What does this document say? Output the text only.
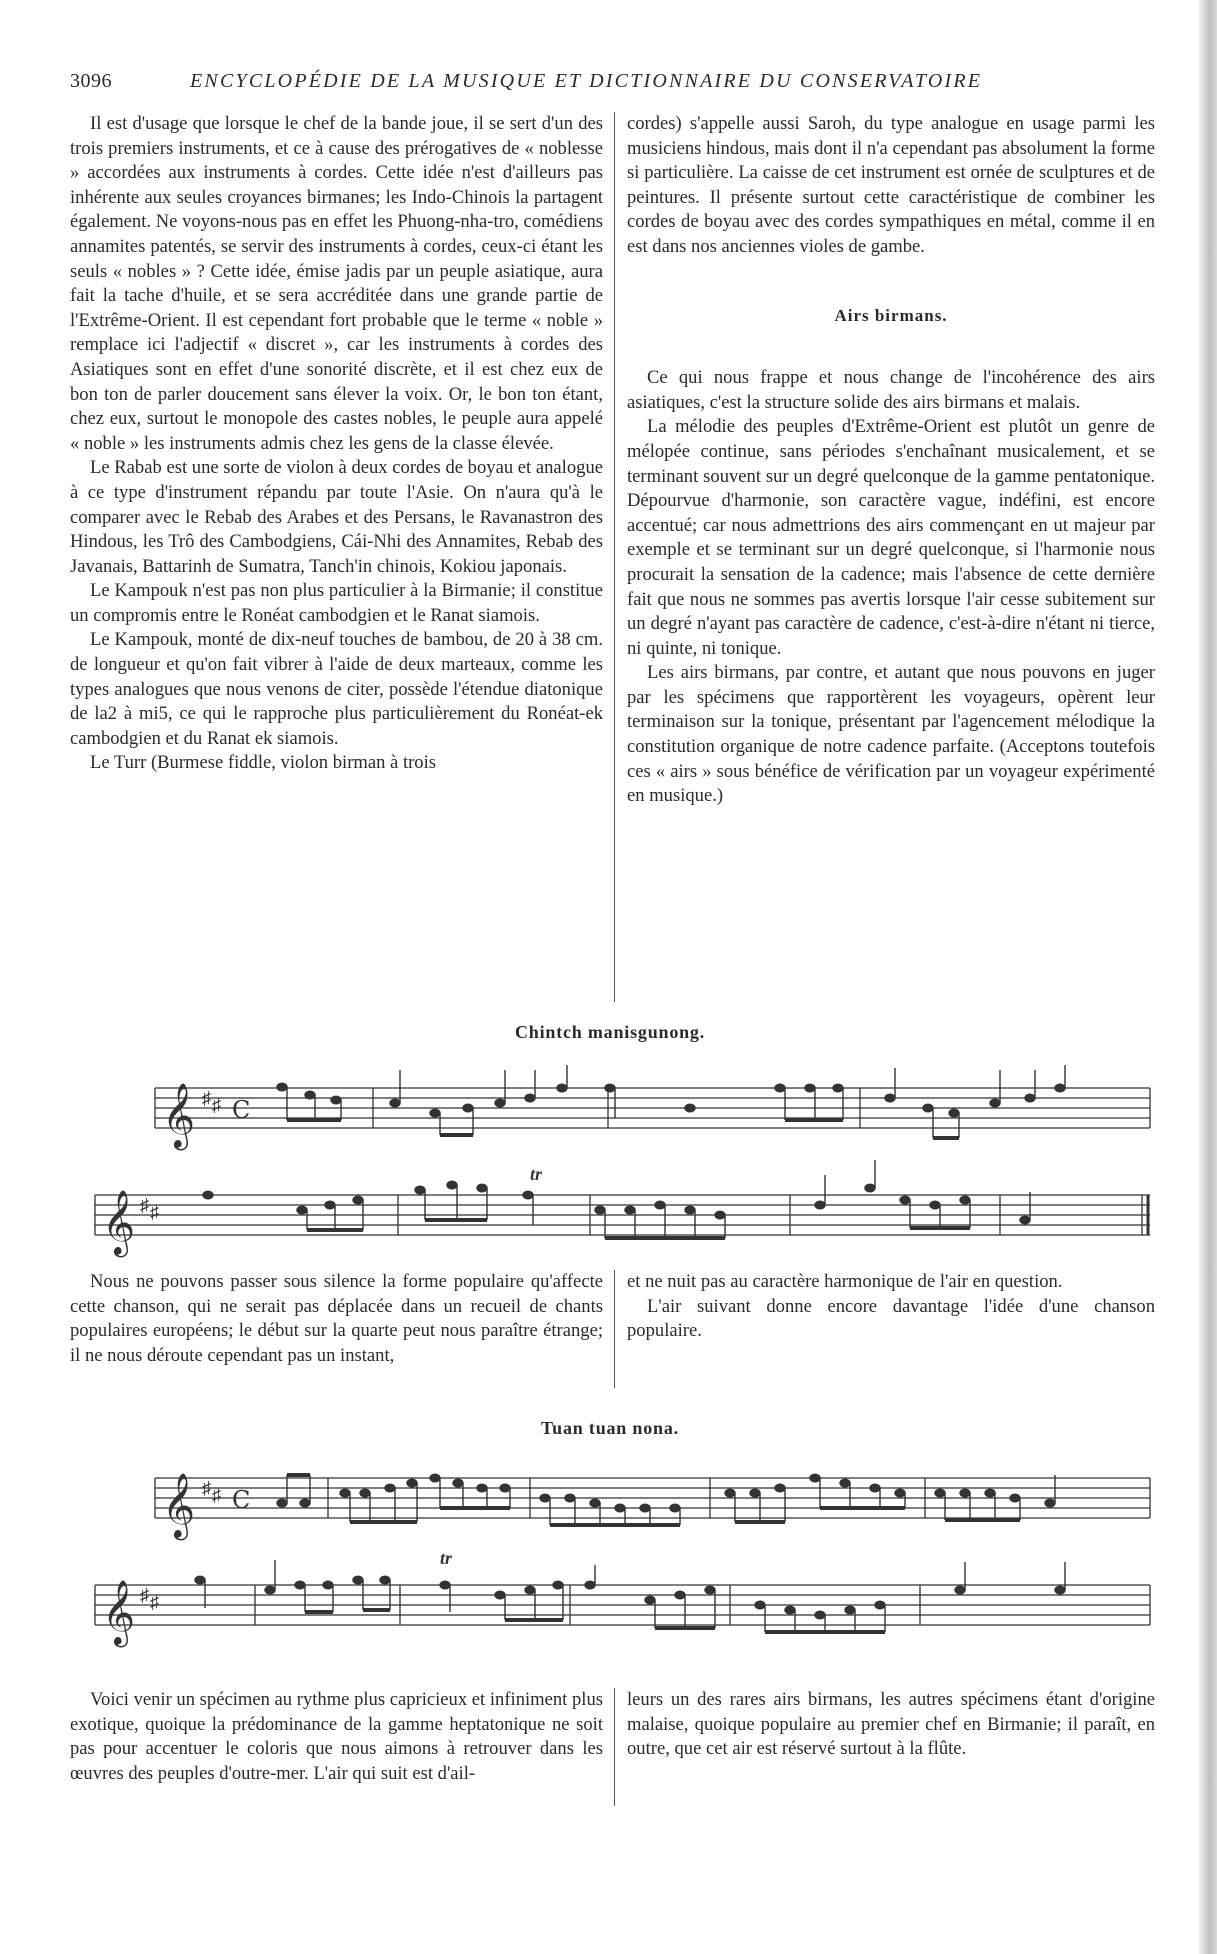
3096	ENCYCLOPÉDIE DE LA MUSIQUE ET DICTIONNAIRE DU CONSERVATOIRE

Il est d'usage que lorsque le chef de la bande joue, il se sert d'un des trois premiers instruments, et ce à cause des prérogatives de « noblesse » accordées aux instruments à cordes. Cette idée n'est d'ailleurs pas inhérente aux seules croyances birmanes; les Indo-Chinois la partagent également. Ne voyons-nous pas en effet les Phuong-nha-tro, comédiens annamites patentés, se servir des instruments à cordes, ceux-ci étant les seuls « nobles » ? Cette idée, émise jadis par un peuple asiatique, aura fait la tache d'huile, et se sera accréditée dans une grande partie de l'Extrême-Orient. Il est cependant fort probable que le terme « noble » remplace ici l'adjectif « discret », car les instruments à cordes des Asiatiques sont en effet d'une sonorité discrète, et il est chez eux de bon ton de parler doucement sans élever la voix. Or, le bon ton étant, chez eux, surtout le monopole des castes nobles, le peuple aura appelé « noble » les instruments admis chez les gens de la classe élevée.

Le Rabab est une sorte de violon à deux cordes de boyau et analogue à ce type d'instrument répandu par toute l'Asie. On n'aura qu'à le comparer avec le Rebab des Arabes et des Persans, le Ravanastron des Hindous, les Trô des Cambodgiens, Cái-Nhi des Annamites, Rebab des Javanais, Battarinh de Sumatra, Tanch'in chinois, Kokiou japonais.

Le Kampouk n'est pas non plus particulier à la Birmanie; il constitue un compromis entre le Ronéat cambodgien et le Ranat siamois.

Le Kampouk, monté de dix-neuf touches de bambou, de 20 à 38 cm. de longueur et qu'on fait vibrer à l'aide de deux marteaux, comme les types analogues que nous venons de citer, possède l'étendue diatonique de la2 à mi5, ce qui le rapproche plus particulièrement du Ronéat-ek cambodgien et du Ranat ek siamois.

Le Turr (Burmese fiddle, violon birman à trois

cordes) s'appelle aussi Saroh, du type analogue en usage parmi les musiciens hindous, mais dont il n'a cependant pas absolument la forme si particulière. La caisse de cet instrument est ornée de sculptures et de peintures. Il présente surtout cette caractéristique de combiner les cordes de boyau avec des cordes sympathiques en métal, comme il en est dans nos anciennes violes de gambe.

Airs birmans.

Ce qui nous frappe et nous change de l'incohérence des airs asiatiques, c'est la structure solide des airs birmans et malais.

La mélodie des peuples d'Extrême-Orient est plutôt un genre de mélopée continue, sans périodes s'enchaînant musicalement, et se terminant souvent sur un degré quelconque de la gamme pentatonique. Dépourvue d'harmonie, son caractère vague, indéfini, est encore accentué; car nous admettrions des airs commençant en ut majeur par exemple et se terminant sur un degré quelconque, si l'harmonie nous procurait la sensation de la cadence; mais l'absence de cette dernière fait que nous ne sommes pas avertis lorsque l'air cesse subitement sur un degré n'ayant pas caractère de cadence, c'est-à-dire n'étant ni tierce, ni quinte, ni tonique.

Les airs birmans, par contre, et autant que nous pouvons en juger par les spécimens que rapportèrent les voyageurs, opèrent leur terminaison sur la tonique, présentant par l'agencement mélodique la constitution organique de notre cadence parfaite. (Acceptons toutefois ces « airs » sous bénéfice de vérification par un voyageur expérimenté en musique.)

Chintch manisgunong.
𝄞 ♯ ♯ C
𝄞 ♯ ♯
tr

Nous ne pouvons passer sous silence la forme populaire qu'affecte cette chanson, qui ne serait pas déplacée dans un recueil de chants populaires européens; le début sur la quarte peut nous paraître étrange; il ne nous déroute cependant pas un instant,

et ne nuit pas au caractère harmonique de l'air en question.

L'air suivant donne encore davantage l'idée d'une chanson populaire.

Tuan tuan nona.
𝄞 ♯ ♯ C
𝄞 ♯ ♯
tr

Voici venir un spécimen au rythme plus capricieux et infiniment plus exotique, quoique la prédominance de la gamme heptatonique ne soit pas pour accentuer le coloris que nous aimons à retrouver dans les œuvres des peuples d'outre-mer. L'air qui suit est d'ail-

leurs un des rares airs birmans, les autres spécimens étant d'origine malaise, quoique populaire au premier chef en Birmanie; il paraît, en outre, que cet air est réservé surtout à la flûte.
